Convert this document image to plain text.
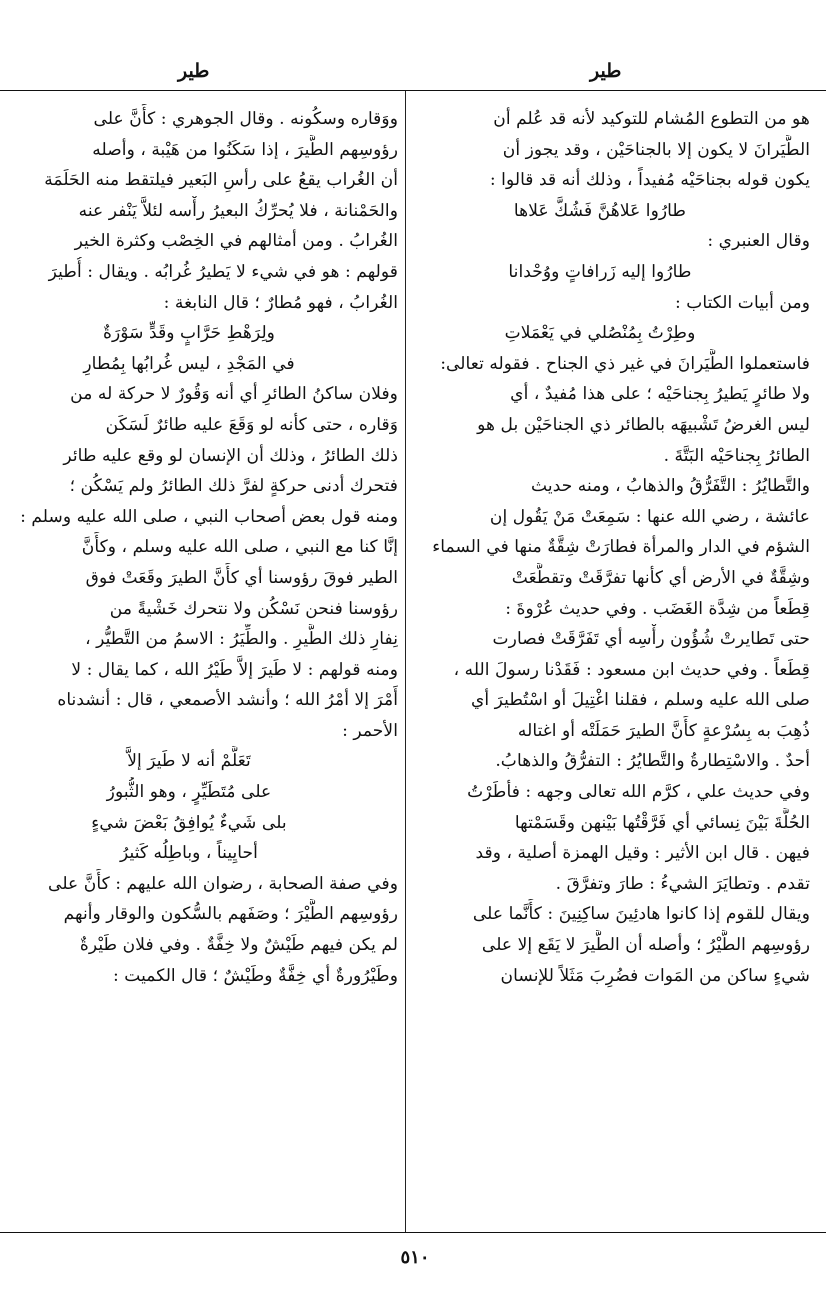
طير
طير
هو من التطوع المُشام للتوكيد لأنه قد عُلم أن
الطَّيَرانَ لا يكون إلا بالجناحَيْن ، وقد يجوز أن
يكون قوله بجناحَيْه مُفيداً ، وذلك أنه قد قالوا :
طارُوا عَلاهُنَّ فَشُكَّ عَلاها
وقال العنبري :
طارُوا إليه زَرافاتٍ ووُحْدانا
ومن أبيات الكتاب :
وطِرْتُ بِمُنْصُلي في يَعْمَلاتِ
فاستعملوا الطَّيَرانَ في غير ذي الجناح . فقوله تعالى:
ولا طائرٍ يَطيرُ بِجناحَيْه ؛ على هذا مُفيدٌ ، أي
ليس الغرضُ تَشْبيهَه بالطائر ذي الجناحَيْن بل هو
الطائرُ بِجناحَيْه البَتَّةَ .
والتَّطايُرُ : التَّفَرُّقُ والذهابُ ، ومنه حديث
عائشة ، رضي الله عنها : سَمِعَتْ مَنْ يَقُول إن
الشؤم في الدار والمرأة فطارَتْ شِقَّةٌ منها في السماء
وشِقَّةٌ في الأرض أي كأنها تفرَّقَتْ وتقطَّعَتْ
قِطَعاً من شِدَّة الغَضَب . وفي حديث عُرْوةَ :
حتى تَطايرتْ شُؤُون رأْسِه أي تَفَرَّقَتْ فصارت
قِطَعاً . وفي حديث ابن مسعود : فَقَدْنا رسولَ الله ،
صلى الله عليه وسلم ، فقلنا اغْتِيلَ أو اسْتُطيرَ أي
ذُهِبَ به بِسُرْعةٍ كأَنَّ الطيرَ حَمَلَتْه أو اغتاله
أحدٌ . والاسْتِطارةُ والتَّطايُرُ : التفرُّقُ والذهابُ.
وفي حديث علي ، كرَّم الله تعالى وجهه : فأطَرْتُ
الحُلَّةَ بَيْنَ نِسائي أي فَرَّقْتُها بَيْنهن وقَسَمْتها
فيهن . قال ابن الأثير : وقيل الهمزة أصلية ، وقد
تقدم . وتطايَرَ الشيءُ : طارَ وتفرَّقَ .
ويقال للقوم إذا كانوا هادئِينَ ساكِنِينَ : كأَنَّما على
رؤوسِهم الطَّيْرُ ؛ وأصله أن الطَّيرَ لا يَقَع إلا على
شيءٍ ساكن من المَوات فضُرِبَ مَثَلاً للإنسان
ووَقاره وسكُونه . وقال الجوهري : كأَنَّ على
رؤوسِهم الطَّيرَ ، إذا سَكَنُوا من هَيْبة ، وأصله
أن الغُراب يقعُ على رأسِ البَعير فيلتقط منه الحَلَمَة
والحَمْنانة ، فلا يُحرِّكُ البعيرُ رأْسه لئلاَّ يَنْفر عنه
الغُرابُ . ومن أمثالهم في الخِصْب وكثرة الخير
قولهم : هو في شيء لا يَطيرُ غُرابُه . ويقال : أُطيرَ
الغُرابُ ، فهو مُطارٌ ؛ قال النابغة :
ولِرَهْطِ حَرَّابٍ وقَدٍّ سَوْرَةٌ
في المَجْدِ ، ليس غُرابُها بِمُطارِ
وفلان ساكنُ الطائرِ أي أنه وَقُورٌ لا حركة له من
وَقاره ، حتى كأنه لو وَقَعَ عليه طائرٌ لَسَكَن
ذلك الطائرُ ، وذلك أن الإنسان لو وقع عليه طائر
فتحرك أدنى حركةٍ لفرَّ ذلك الطائرُ ولم يَسْكُن ؛
ومنه قول بعض أصحاب النبي ، صلى الله عليه وسلم :
إنَّا كنا مع النبي ، صلى الله عليه وسلم ، وكأَنَّ
الطير فوقَ رؤوسنا أي كأَنَّ الطيرَ وقَعَتْ فوق
رؤوسنا فنحن نَسْكُن ولا نتحرك خَشْيةً من
نِفارِ ذلك الطَّيرِ . والطِّيَرُ : الاسمُ من التَّطيُّر ،
ومنه قولهم : لا طَيرَ إلاَّ طَيْرُ الله ، كما يقال : لا
أَمْرَ إلا أمْرُ الله ؛ وأنشد الأصمعي ، قال : أنشدناه
الأحمر :
تَعَلَّمْ أنه لا طَيرَ إلاَّ
على مُتَطَيِّرٍ ، وهو الثُّبورُ
بلى شَيءٌ يُوافِقُ بَعْضَ شيءٍ
أحايِيناً ، وباطِلُه كَثيرُ
وفي صفة الصحابة ، رضوان الله عليهم : كأَنَّ على
رؤوسِهم الطَّيْرَ ؛ وصَفَهم بالسُّكون والوقار وأنهم
لم يكن فيهم طَيْشٌ ولا خِفَّةٌ . وفي فلان طَيْرةٌ
وطَيْرُورةٌ أي خِفَّةٌ وطَيْشٌ ؛ قال الكميت :
٥١٠
